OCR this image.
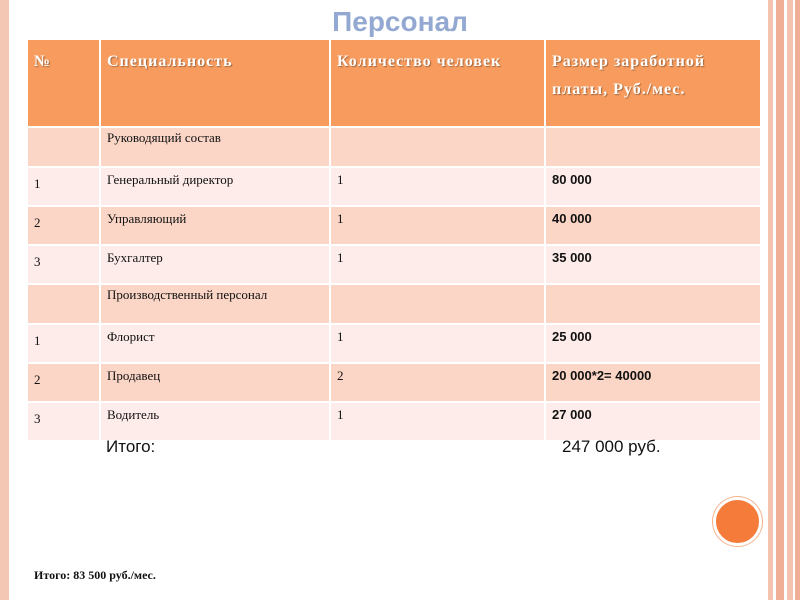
Персонал
№	Специальность	Количество человек	Размер заработной платы, Руб./мес.

	Руководящий состав		
1	Генеральный директор	1	80 000
2	Управляющий	1	40 000
3	Бухгалтер	1	35 000
	Производственный персонал		
1	Флорист	1	25 000
2	Продавец	2	20 000*2= 40000
3	Водитель	1	27 000
Итого:	247 000 руб.
Итого: 83 500 руб./мес.
